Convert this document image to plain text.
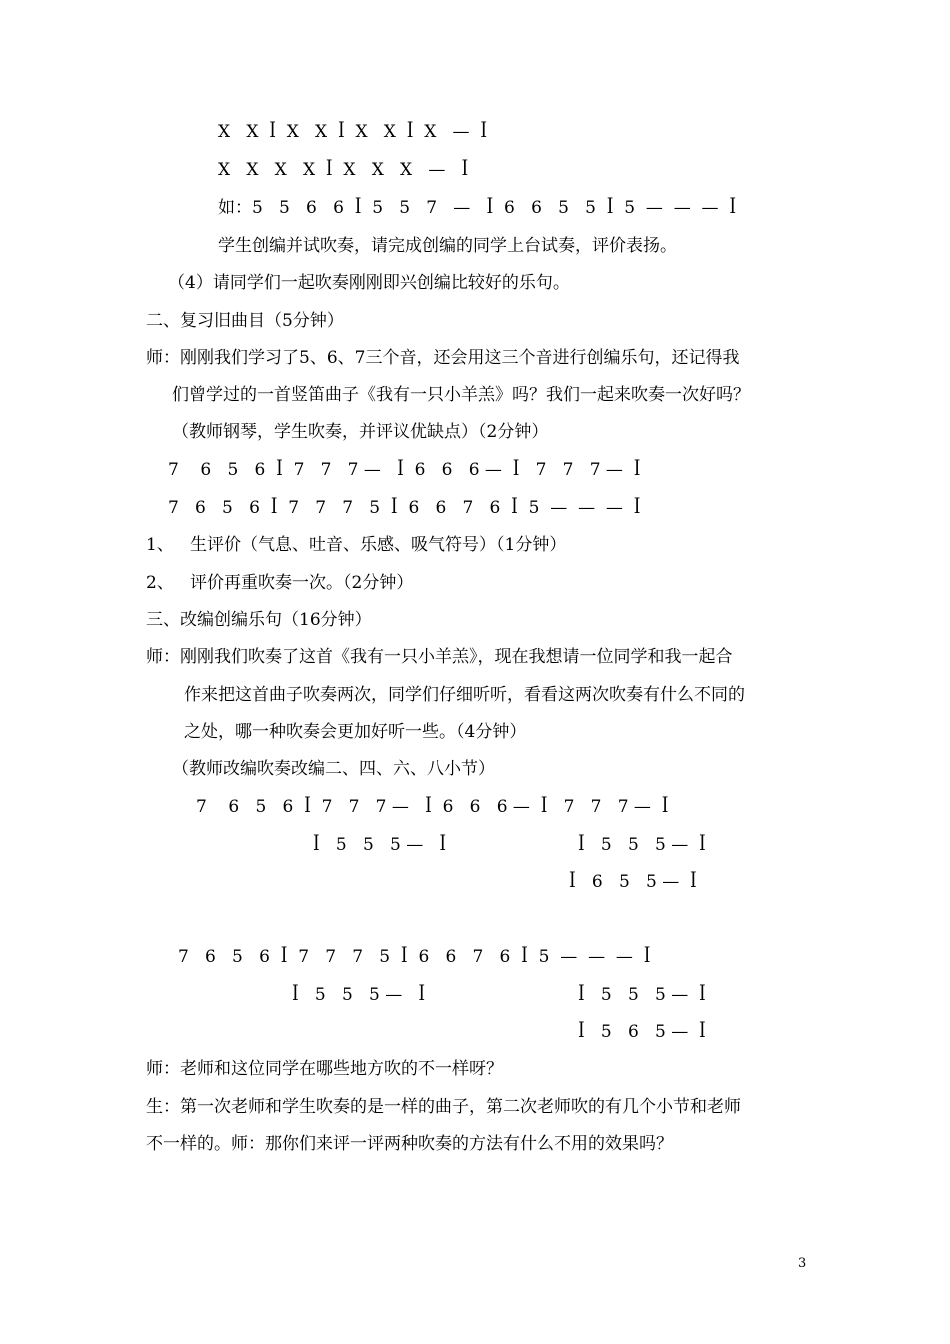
X   X  ꟾ  X   X  ꟾ  X   X  ꟾ  X   —  ꟾ
X   X   X   X  ꟾ  X   X   X   —   ꟾ
如：5   5   6   6  ꟾ  5   5   7   —   ꟾ  6   6   5   5  ꟾ  5  —  —  —  ꟾ
学生创编并试吹奏，请完成创编的同学上台试奏，评价表扬。
（4）请同学们一起吹奏刚刚即兴创编比较好的乐句。
二、复习旧曲目（5分钟）
师：刚刚我们学习了5、6、7三个音，还会用这三个音进行创编乐句，还记得我
们曾学过的一首竖笛曲子《我有一只小羊羔》吗？我们一起来吹奏一次好吗？
（教师钢琴，学生吹奏，并评议优缺点）（2分钟）
7    6   5   6  ꟾ  7   7   7 —   ꟾ  6   6   6 —  ꟾ   7   7   7 —  ꟾ
7   6   5   6  ꟾ  7   7   7   5  ꟾ  6   6   7   6  ꟾ  5  —  —  —  ꟾ
1、   生评价（气息、吐音、乐感、吸气符号）（1分钟）
2、   评价再重吹奏一次。（2分钟）
三、改编创编乐句（16分钟）
师：刚刚我们吹奏了这首《我有一只小羊羔》，现在我想请一位同学和我一起合
作来把这首曲子吹奏两次，同学们仔细听听，看看这两次吹奏有什么不同的
之处，哪一种吹奏会更加好听一些。（4分钟）
（教师改编吹奏改编二、四、六、八小节）
7    6   5   6  ꟾ  7   7   7 —   ꟾ  6   6   6 —  ꟾ   7   7   7 —  ꟾ
ꟾ   5   5   5 —   ꟾ	ꟾ   5   5   5 —  ꟾ
ꟾ   6   5   5 —  ꟾ
7   6   5   6  ꟾ  7   7   7   5  ꟾ  6   6   7   6  ꟾ  5  —  —  —  ꟾ
ꟾ   5   5   5 —   ꟾ	ꟾ   5   5   5 —  ꟾ
ꟾ   5   6   5 —  ꟾ
师：老师和这位同学在哪些地方吹的不一样呀？
生：第一次老师和学生吹奏的是一样的曲子，第二次老师吹的有几个小节和老师
不一样的。师：那你们来评一评两种吹奏的方法有什么不用的效果吗？
3
